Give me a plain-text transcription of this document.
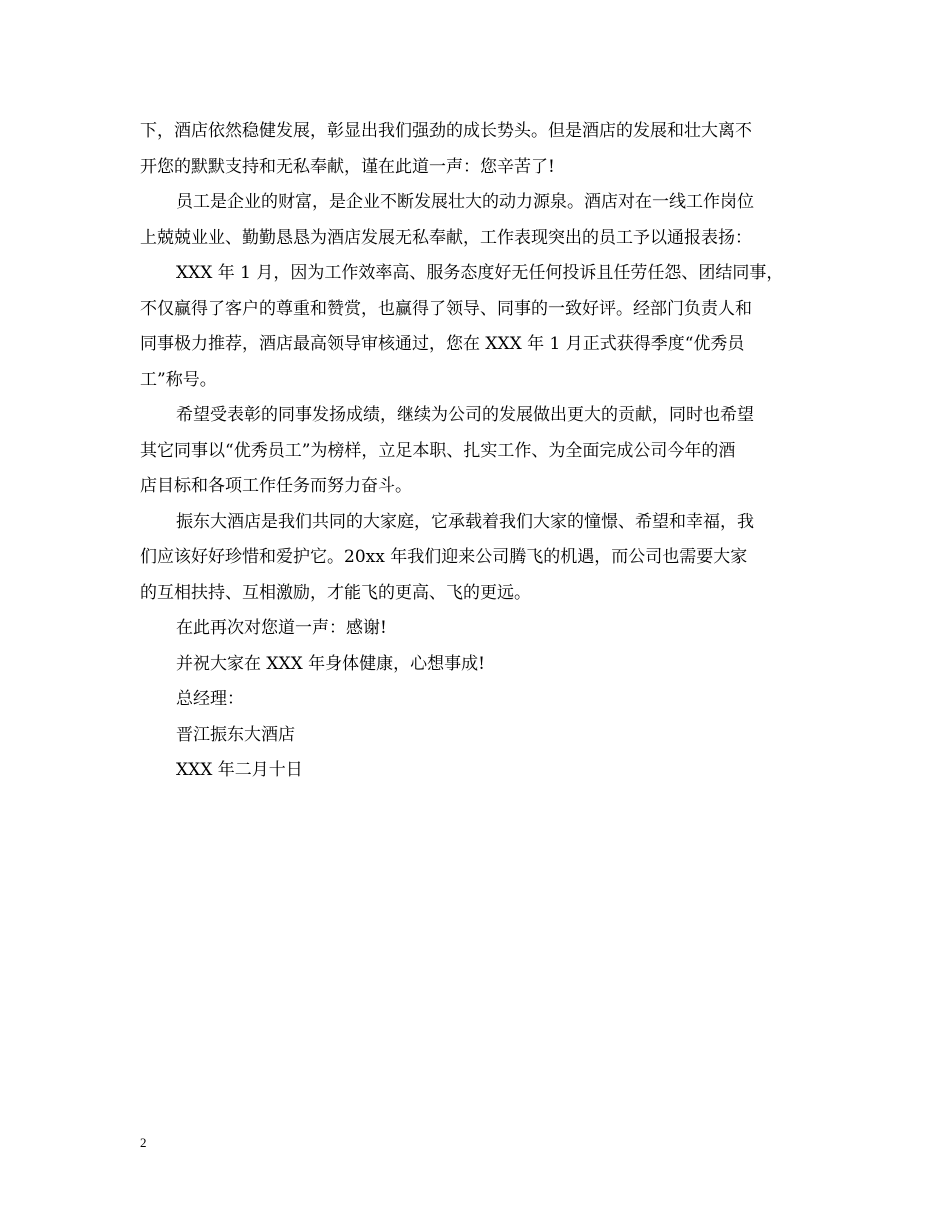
下，酒店依然稳健发展，彰显出我们强劲的成长势头。但是酒店的发展和壮大离不
开您的默默支持和无私奉献，谨在此道一声：您辛苦了!
员工是企业的财富，是企业不断发展壮大的动力源泉。酒店对在一线工作岗位
上兢兢业业、勤勤恳恳为酒店发展无私奉献，工作表现突出的员工予以通报表扬：
XXX 年 1 月，因为工作效率高、服务态度好无任何投诉且任劳任怨、团结同事，
不仅赢得了客户的尊重和赞赏，也赢得了领导、同事的一致好评。经部门负责人和
同事极力推荐，酒店最高领导审核通过，您在 XXX 年 1 月正式获得季度“优秀员
工”称号。
希望受表彰的同事发扬成绩，继续为公司的发展做出更大的贡献，同时也希望
其它同事以“优秀员工”为榜样，立足本职、扎实工作、为全面完成公司今年的酒
店目标和各项工作任务而努力奋斗。
振东大酒店是我们共同的大家庭，它承载着我们大家的憧憬、希望和幸福，我
们应该好好珍惜和爱护它。20xx 年我们迎来公司腾飞的机遇，而公司也需要大家
的互相扶持、互相激励，才能飞的更高、飞的更远。
在此再次对您道一声：感谢!
并祝大家在 XXX 年身体健康，心想事成!
总经理：
晋江振东大酒店
XXX 年二月十日
2
